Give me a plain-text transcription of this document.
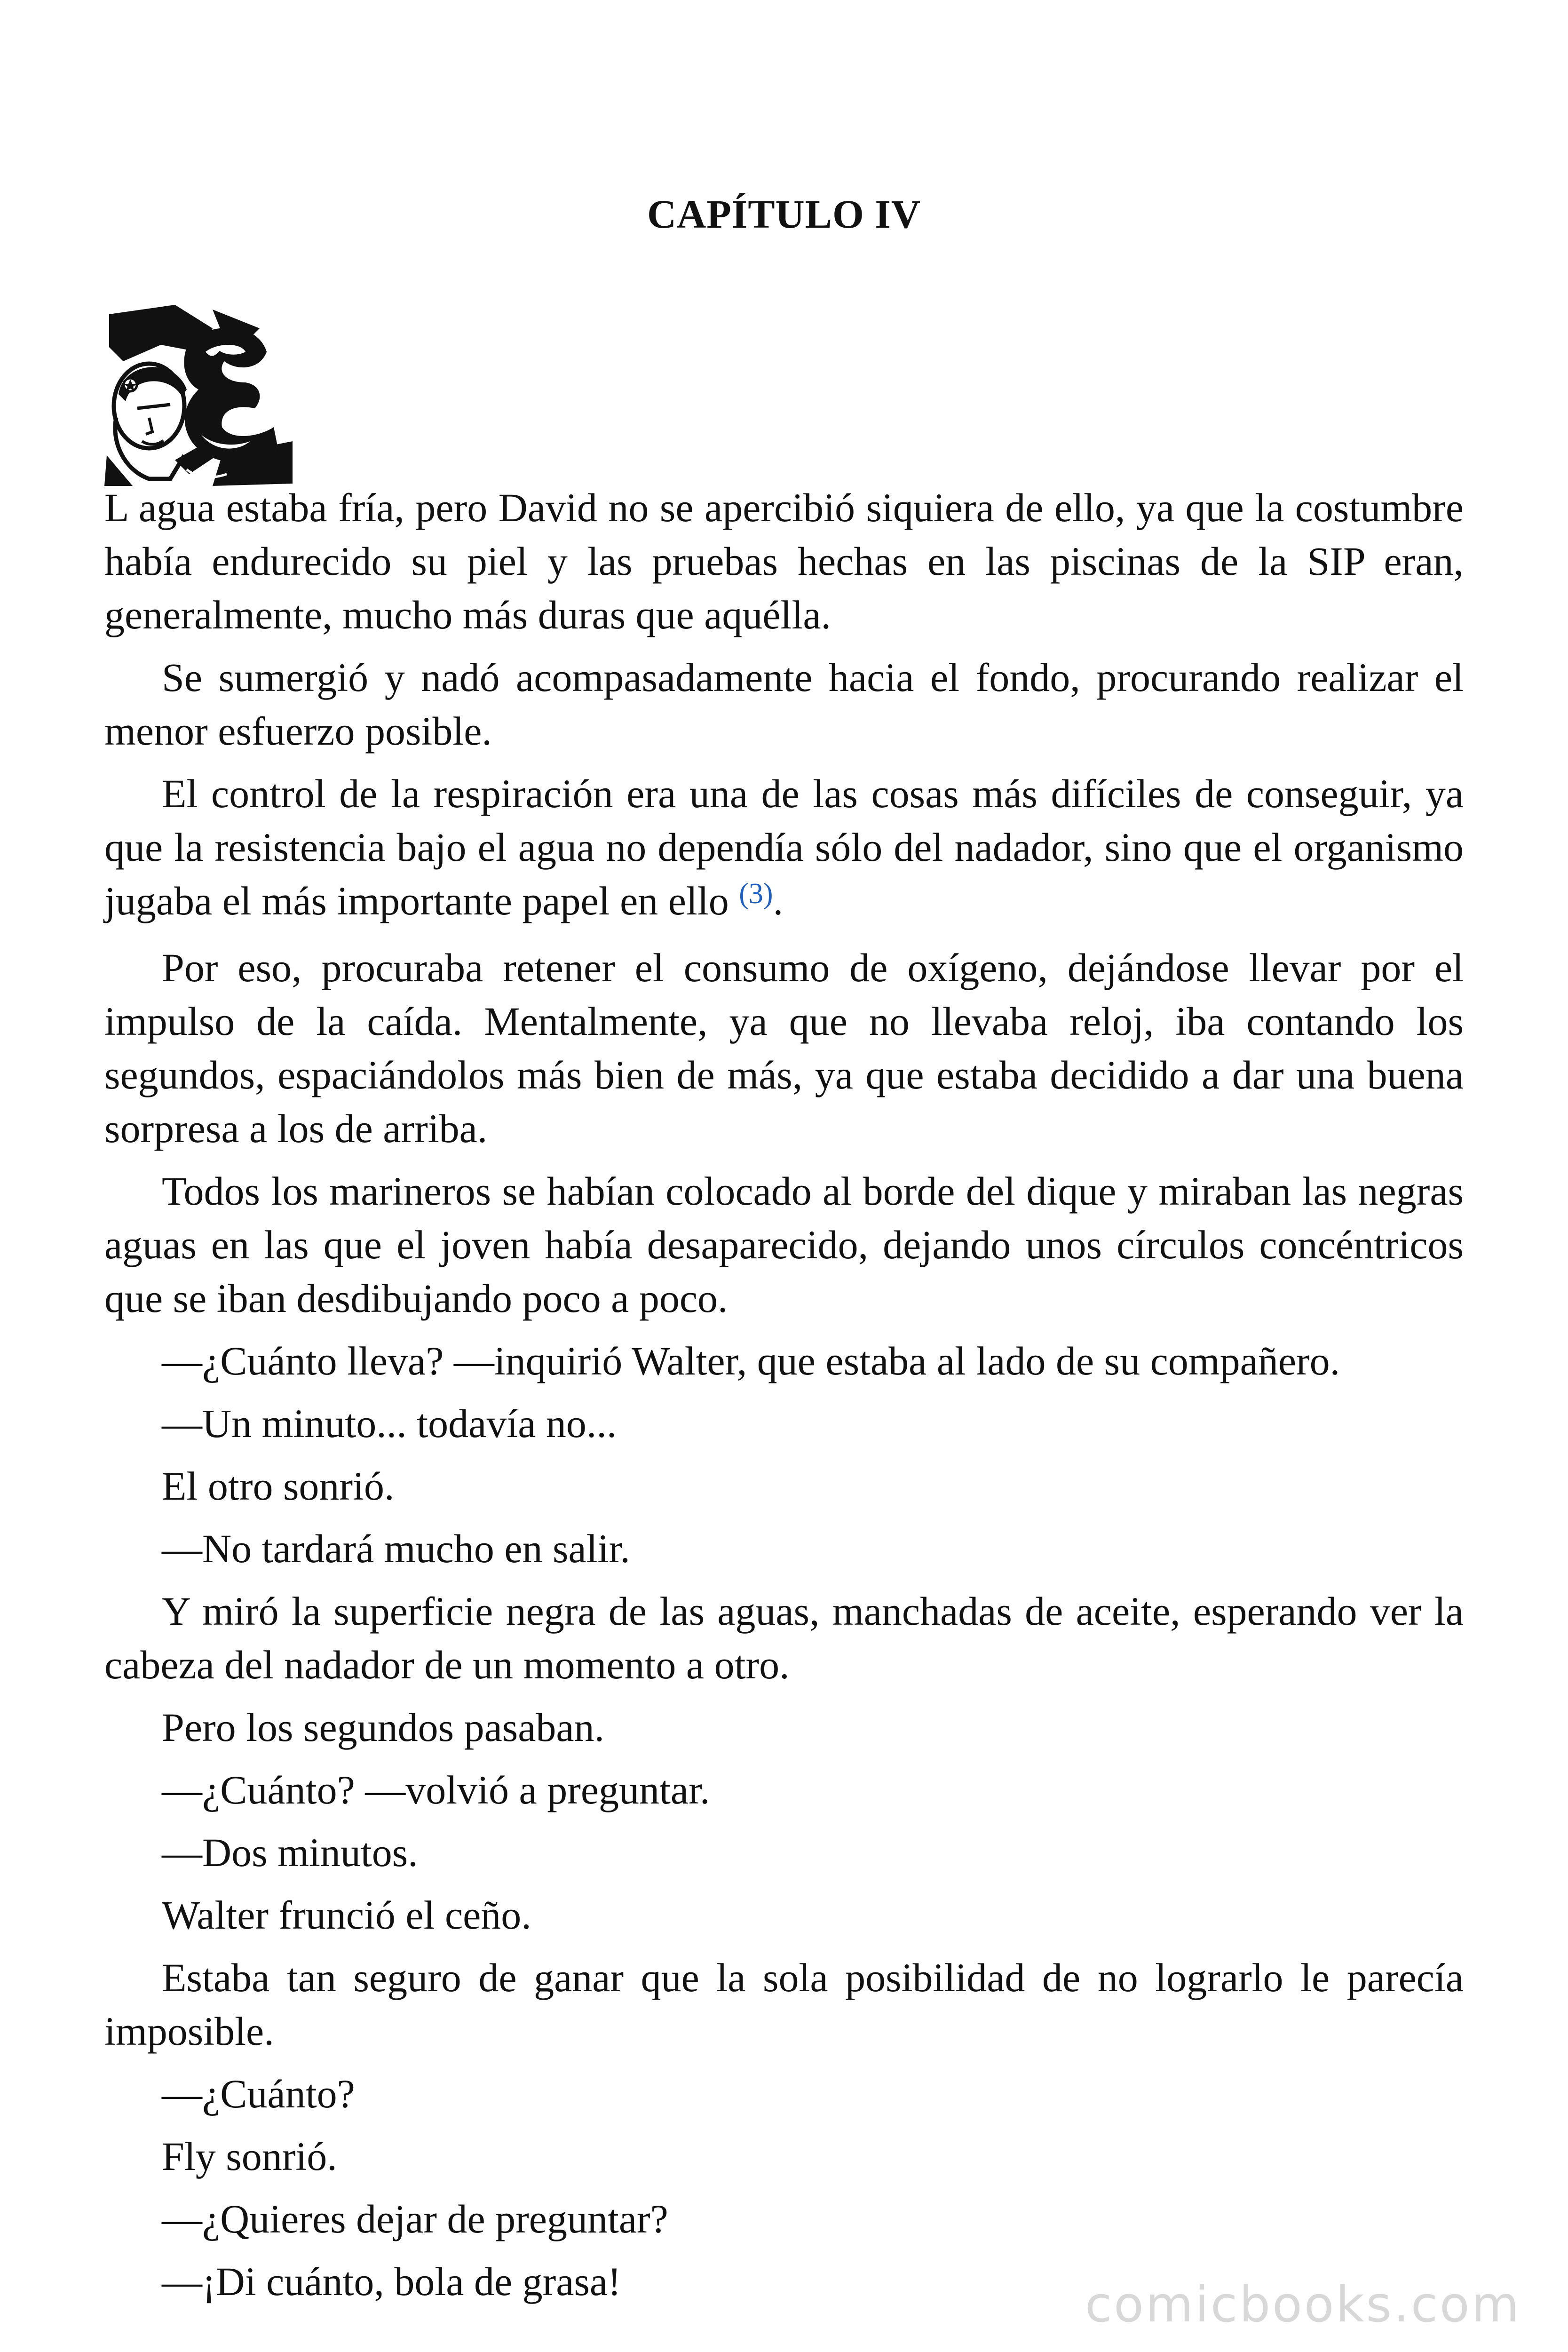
CAPÍTULO IV

L agua estaba fría, pero David no se apercibió siquiera de ello, ya que la costumbre había endurecido su piel y las pruebas hechas en las piscinas de la SIP eran, generalmente, mucho más duras que aquélla.

Se sumergió y nadó acompasadamente hacia el fondo, procurando realizar el menor esfuerzo posible.

El control de la respiración era una de las cosas más difíciles de conseguir, ya que la resistencia bajo el agua no dependía sólo del nadador, sino que el organismo jugaba el más importante papel en ello $^{(3)}$.

Por eso, procuraba retener el consumo de oxígeno, dejándose llevar por el impulso de la caída. Mentalmente, ya que no llevaba reloj, iba contando los segundos, espaciándolos más bien de más, ya que estaba decidido a dar una buena sorpresa a los de arriba.

Todos los marineros se habían colocado al borde del dique y miraban las negras aguas en las que el joven había desaparecido, dejando unos círculos concéntricos que se iban desdibujando poco a poco.

—¿Cuánto lleva? —inquirió Walter, que estaba al lado de su compañero.

—Un minuto... todavía no...

El otro sonrió.

—No tardará mucho en salir.

Y miró la superficie negra de las aguas, manchadas de aceite, esperando ver la cabeza del nadador de un momento a otro.

Pero los segundos pasaban.

—¿Cuánto? —volvió a preguntar.

—Dos minutos.

Walter frunció el ceño.

Estaba tan seguro de ganar que la sola posibilidad de no lograrlo le parecía imposible.

—¿Cuánto?

Fly sonrió.

—¿Quieres dejar de preguntar?

—¡Di cuánto, bola de grasa!	comicbooks.com
